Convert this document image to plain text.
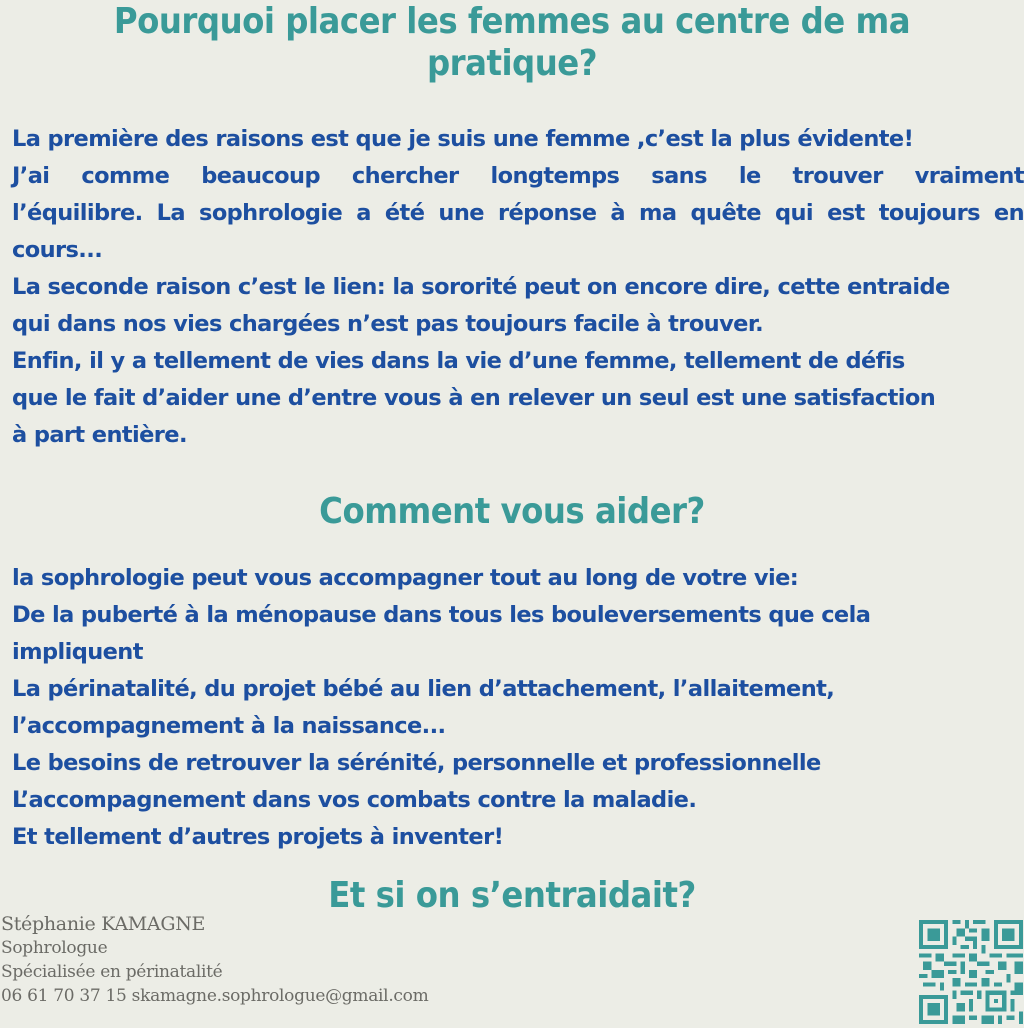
Pourquoi placer les femmes au centre de ma
pratique?
La première des raisons est que je suis une femme ,c’est la plus évidente!
J’ai comme beaucoup chercher longtemps sans le trouver vraiment
l’équilibre. La sophrologie a été une réponse à ma quête qui est toujours en
cours...
La seconde raison c’est le lien: la sororité peut on encore dire, cette entraide
qui dans nos vies chargées n’est pas toujours facile à trouver.
Enfin, il y a tellement de vies dans la vie d’une femme, tellement de défis
que le fait d’aider une d’entre vous à en relever un seul est une satisfaction
à part entière.
Comment vous aider?
la sophrologie peut vous accompagner tout au long de votre vie:
De la puberté à la ménopause dans tous les bouleversements que cela
impliquent
La périnatalité, du projet bébé au lien d’attachement, l’allaitement,
l’accompagnement à la naissance...
Le besoins de retrouver la sérénité, personnelle et professionnelle
L’accompagnement dans vos combats contre la maladie.
Et tellement d’autres projets à inventer!
Et si on s’entraidait?
Stéphanie KAMAGNE
Sophrologue
Spécialisée en périnatalité
06 61 70 37 15 skamagne.sophrologue@gmail.com
